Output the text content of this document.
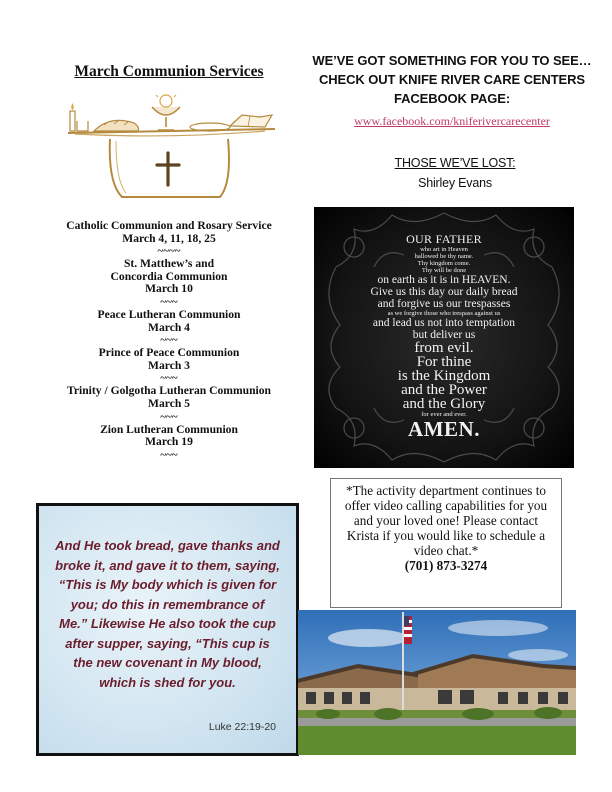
March Communion Services
Catholic Communion and Rosary Service
March 4, 11, 18, 25
~~~~
St. Matthew’s and
Concordia Communion
March 10
~~~
Peace Lutheran Communion
March 4
~~~
Prince of Peace Communion
March 3
~~~
Trinity / Golgotha Lutheran Communion
March 5
~~~
Zion Lutheran Communion
March 19
~~~
And He took bread, gave thanks and broke it, and gave it to them, saying, “This is My body which is given for you; do this in remembrance of Me.” Likewise He also took the cup after supper, saying, “This cup is the new covenant in My blood, which is shed for you.
Luke 22:19-20
WE’VE GOT SOMETHING FOR YOU TO SEE…
CHECK OUT KNIFE RIVER CARE CENTERS
FACEBOOK PAGE:
www.facebook.com/kniferivercarecenter
THOSE WE’VE LOST:
Shirley Evans
OUR FATHER
who art in Heaven
hallowed be thy name.
Thy kingdom come.
Thy will be done
on earth as it is in HEAVEN.
Give us this day our daily bread
and forgive us our trespasses
as we forgive those who trespass against us
and lead us not into temptation
but deliver us
from evil.
For thine
is the Kingdom
and the Power
and the Glory
for ever and ever.
AMEN.
*The activity department continues to offer video calling capabilities for you and your loved one! Please contact Krista if you would like to schedule a video chat.*
(701) 873-3274
